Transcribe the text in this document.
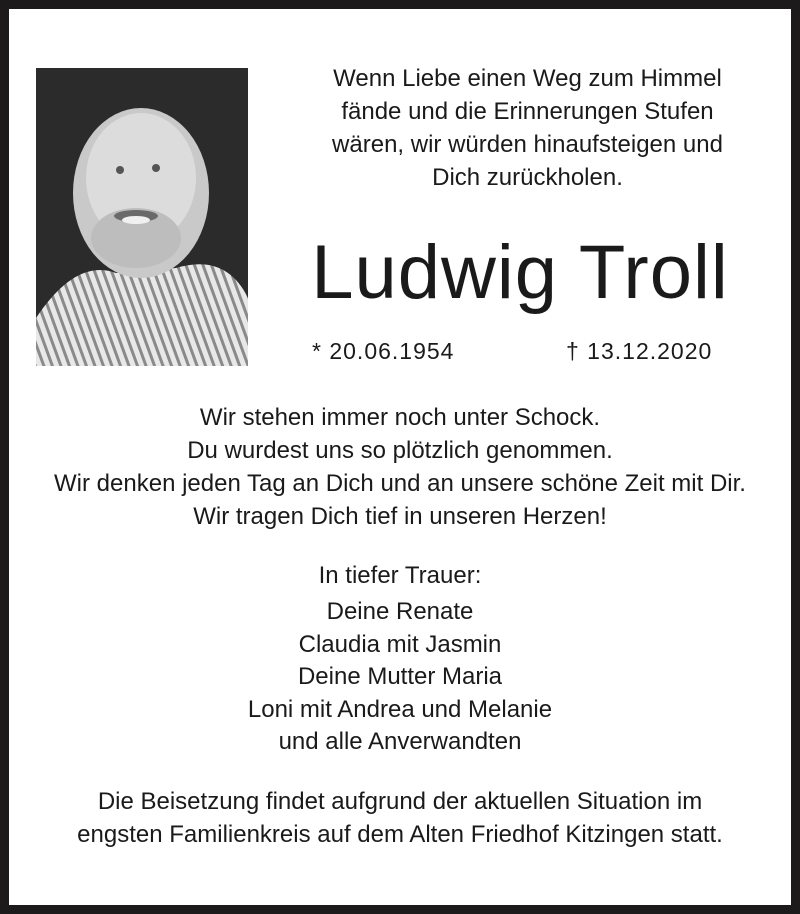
Wenn Liebe einen Weg zum Himmel
fände und die Erinnerungen Stufen
wären, wir würden hinaufsteigen und
Dich zurückholen.
Ludwig Troll
* 20.06.1954	† 13.12.2020
Wir stehen immer noch unter Schock.
Du wurdest uns so plötzlich genommen.
Wir denken jeden Tag an Dich und an unsere schöne Zeit mit Dir.
Wir tragen Dich tief in unseren Herzen!
In tiefer Trauer:
Deine Renate
Claudia mit Jasmin
Deine Mutter Maria
Loni mit Andrea und Melanie
und alle Anverwandten
Die Beisetzung findet aufgrund der aktuellen Situation im
engsten Familienkreis auf dem Alten Friedhof Kitzingen statt.
